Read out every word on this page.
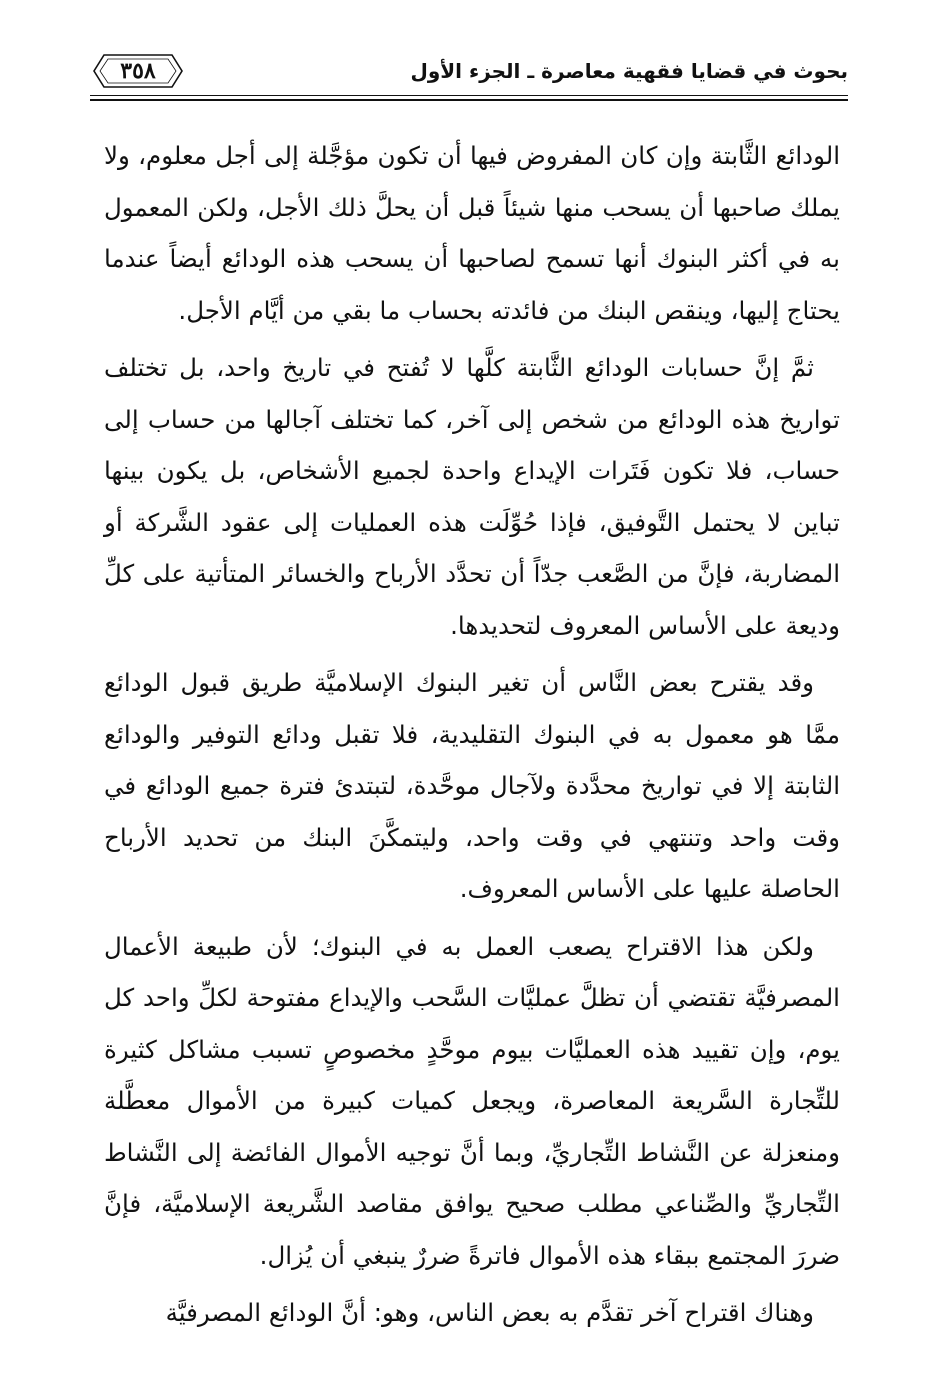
بحوث في قضايا فقهية معاصرة ـ الجزء الأول
٣٥٨

الودائع الثَّابتة وإن كان المفروض فيها أن تكون مؤجَّلة إلى أجل معلوم، ولا يملك صاحبها أن يسحب منها شيئاً قبل أن يحلَّ ذلك الأجل، ولكن المعمول به في أكثر البنوك أنها تسمح لصاحبها أن يسحب هذه الودائع أيضاً عندما يحتاج إليها، وينقص البنك من فائدته بحساب ما بقي من أيَّام الأجل.

ثمَّ إنَّ حسابات الودائع الثَّابتة كلَّها لا تُفتح في تاريخ واحد، بل تختلف تواريخ هذه الودائع من شخص إلى آخر، كما تختلف آجالها من حساب إلى حساب، فلا تكون فَتَرات الإيداع واحدة لجميع الأشخاص، بل يكون بينها تباين لا يحتمل التَّوفيق، فإذا حُوِّلَت هذه العمليات إلى عقود الشَّركة أو المضاربة، فإنَّ من الصَّعب جدّاً أن تحدَّد الأرباح والخسائر المتأتية على كلِّ وديعة على الأساس المعروف لتحديدها.

وقد يقترح بعض النَّاس أن تغير البنوك الإسلاميَّة طريق قبول الودائع ممَّا هو معمول به في البنوك التقليدية، فلا تقبل ودائع التوفير والودائع الثابتة إلا في تواريخ محدَّدة ولآجال موحَّدة، لتبتدئ فترة جميع الودائع في وقت واحد وتنتهي في وقت واحد، وليتمكَّنَ البنك من تحديد الأرباح الحاصلة عليها على الأساس المعروف.

ولكن هذا الاقتراح يصعب العمل به في البنوك؛ لأن طبيعة الأعمال المصرفيَّة تقتضي أن تظلَّ عمليَّات السَّحب والإيداع مفتوحة لكلِّ واحد كل يوم، وإن تقييد هذه العمليَّات بيوم موحَّدٍ مخصوصٍ تسبب مشاكل كثيرة للتِّجارة السَّريعة المعاصرة، ويجعل كميات كبيرة من الأموال معطَّلة ومنعزلة عن النَّشاط التِّجاريِّ، وبما أنَّ توجيه الأموال الفائضة إلى النَّشاط التِّجاريِّ والصِّناعي مطلب صحيح يوافق مقاصد الشَّريعة الإسلاميَّة، فإنَّ ضررَ المجتمع ببقاء هذه الأموال فاترةً ضررٌ ينبغي أن يُزال.

وهناك اقتراح آخر تقدَّم به بعض الناس، وهو: أنَّ الودائع المصرفيَّة
